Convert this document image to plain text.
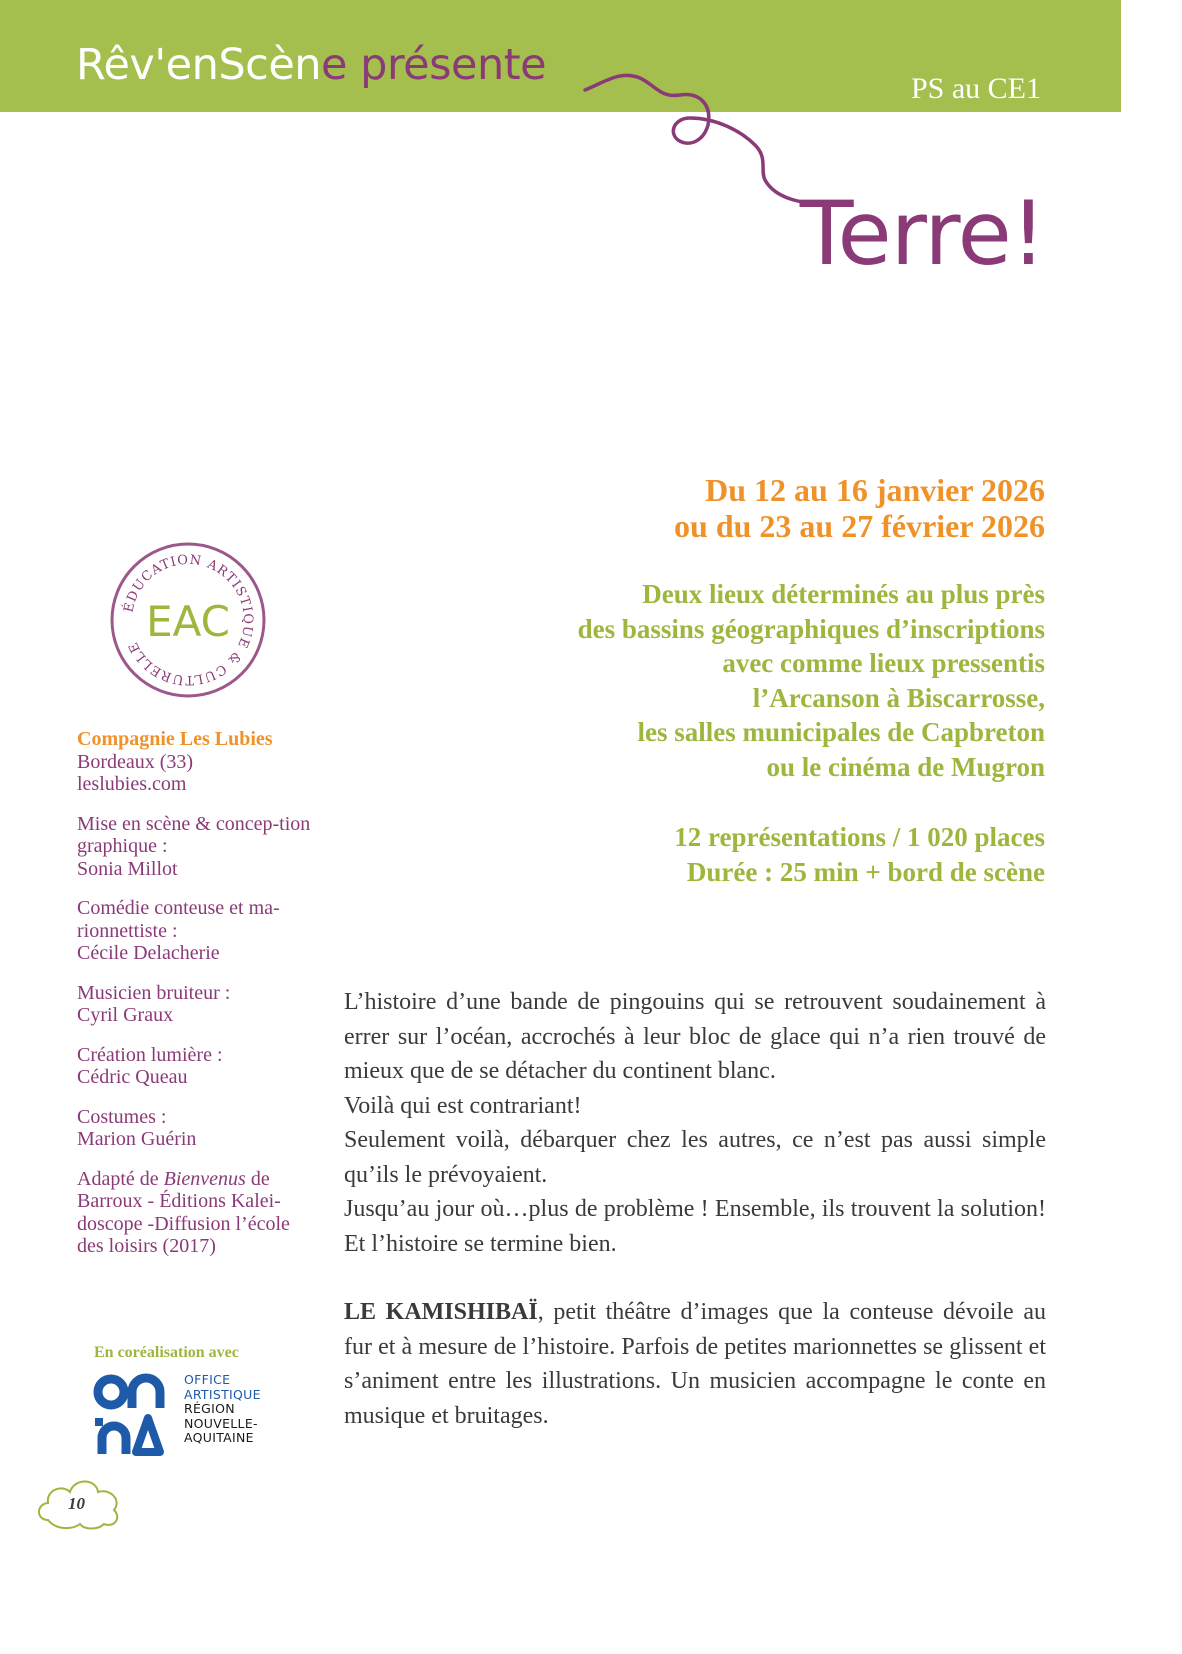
Rêv'enScène présente	PS au CE1
Terre!
Du 12 au 16 janvier 2026
ou du 23 au 27 février 2026
Deux lieux déterminés au plus près
des bassins géographiques d’inscriptions
avec comme lieux pressentis
l’Arcanson à Biscarrosse,
les salles municipales de Capbreton
ou le cinéma de Mugron
12 représentations / 1 020 places
Durée : 25 min + bord de scène
ÉDUCATION ARTISTIQUE & CULTURELLE
EAC
Compagnie Les Lubies
Bordeaux (33)
leslubies.com
Mise en scène & concep-tion graphique :
Sonia Millot
Comédie conteuse et ma-rionnettiste :
Cécile Delacherie
Musicien bruiteur :
Cyril Graux
Création lumière :
Cédric Queau
Costumes :
Marion Guérin
Adapté de Bienvenus de Barroux - Éditions Kalei-doscope -Diffusion l’école des loisirs (2017)
En coréalisation avec
OFFICE
ARTISTIQUE
RÉGION
NOUVELLE-
AQUITAINE
10

L’histoire d’une bande de pingouins qui se retrouvent soudainement à errer sur l’océan, accrochés à leur bloc de glace qui n’a rien trouvé de mieux que de se détacher du continent blanc.

Voilà qui est contrariant!

Seulement voilà, débarquer chez les autres, ce n’est pas aussi simple qu’ils le prévoyaient.

Jusqu’au jour où…plus de problème ! Ensemble, ils trouvent la solution! Et l’histoire se termine bien.

LE KAMISHIBAÏ, petit théâtre d’images que la conteuse dévoile au fur et à mesure de l’histoire. Parfois de petites marionnettes se glissent et s’animent entre les illustrations. Un musicien accompagne le conte en musique et bruitages.
